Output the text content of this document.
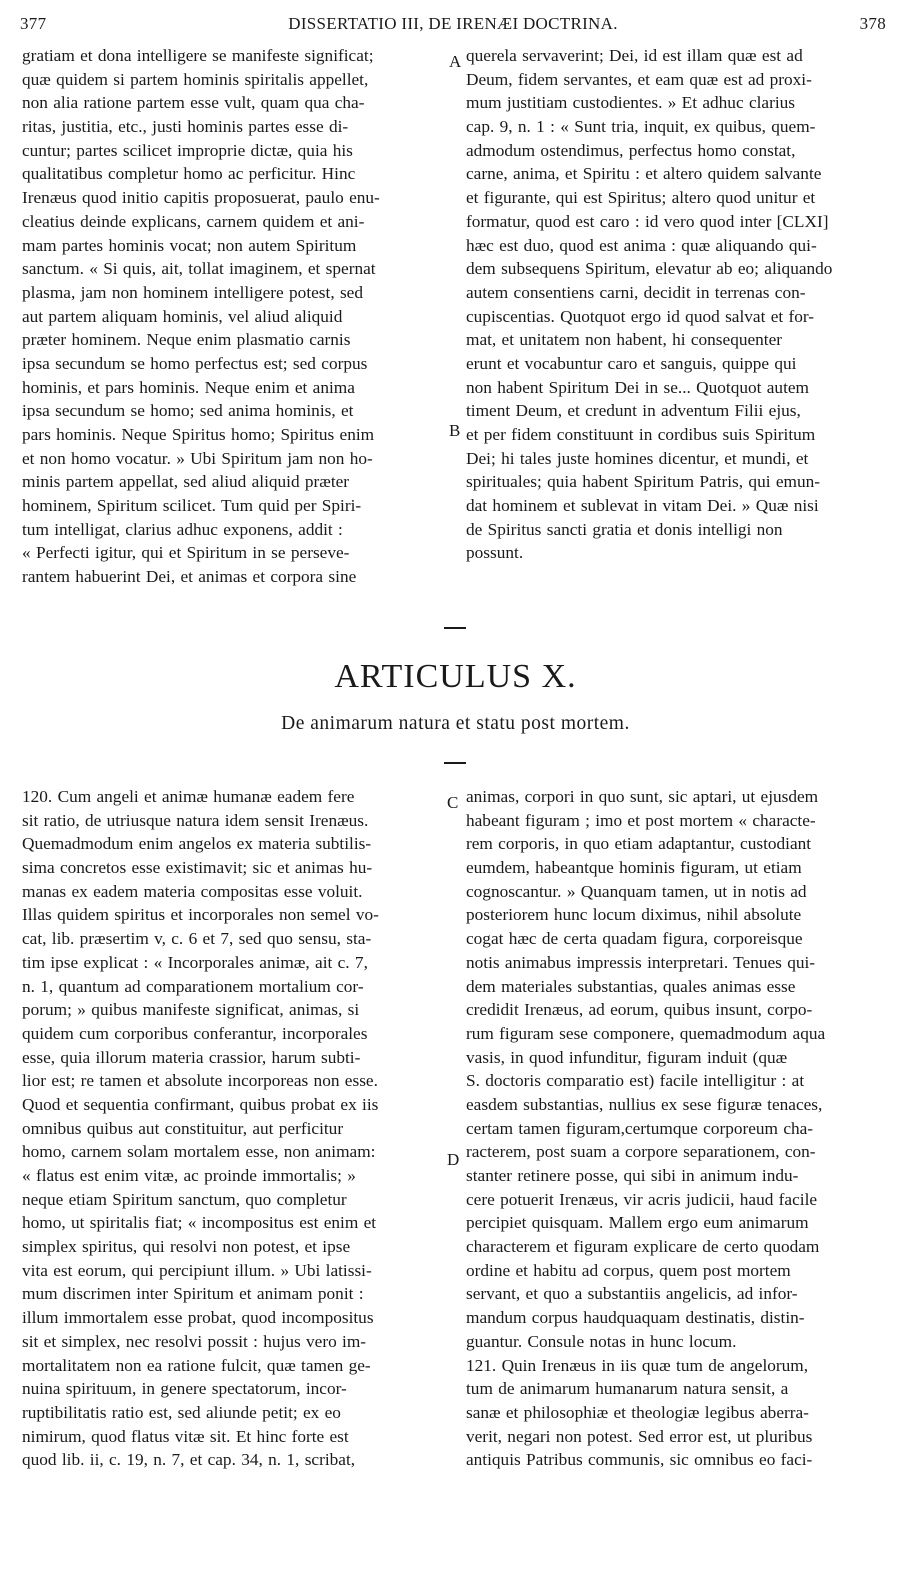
377	DISSERTATIO III, DE IRENÆI DOCTRINA.	378
gratiam et dona intelligere se manifeste significat;
quæ quidem si partem hominis spiritalis appellet,
non alia ratione partem esse vult, quam qua cha-
ritas, justitia, etc., justi hominis partes esse di-
cuntur; partes scilicet improprie dictæ, quia his
qualitatibus completur homo ac perficitur. Hinc
Irenæus quod initio capitis proposuerat, paulo enu-
cleatius deinde explicans, carnem quidem et ani-
mam partes hominis vocat; non autem Spiritum
sanctum. « Si quis, ait, tollat imaginem, et spernat
plasma, jam non hominem intelligere potest, sed
aut partem aliquam hominis, vel aliud aliquid
præter hominem. Neque enim plasmatio carnis
ipsa secundum se homo perfectus est; sed corpus
hominis, et pars hominis. Neque enim et anima
ipsa secundum se homo; sed anima hominis, et
pars hominis. Neque Spiritus homo; Spiritus enim
et non homo vocatur. » Ubi Spiritum jam non ho-
minis partem appellat, sed aliud aliquid præter
hominem, Spiritum scilicet. Tum quid per Spiri-
tum intelligat, clarius adhuc exponens, addit :
« Perfecti igitur, qui et Spiritum in se perseve-
rantem habuerint Dei, et animas et corpora sine
querela servaverint; Dei, id est illam quæ est ad
Deum, fidem servantes, et eam quæ est ad proxi-
mum justitiam custodientes. » Et adhuc clarius
cap. 9, n. 1 : « Sunt tria, inquit, ex quibus, quem-
admodum ostendimus, perfectus homo constat,
carne, anima, et Spiritu : et altero quidem salvante
et figurante, qui est Spiritus; altero quod unitur et
formatur, quod est caro : id vero quod inter [CLXI]
hæc est duo, quod est anima : quæ aliquando qui-
dem subsequens Spiritum, elevatur ab eo; aliquando
autem consentiens carni, decidit in terrenas con-
cupiscentias. Quotquot ergo id quod salvat et for-
mat, et unitatem non habent, hi consequenter
erunt et vocabuntur caro et sanguis, quippe qui
non habent Spiritum Dei in se... Quotquot autem
timent Deum, et credunt in adventum Filii ejus,
et per fidem constituunt in cordibus suis Spiritum
Dei; hi tales juste homines dicentur, et mundi, et
spirituales; quia habent Spiritum Patris, qui emun-
dat hominem et sublevat in vitam Dei. » Quæ nisi
de Spiritus sancti gratia et donis intelligi non
possunt.
A
B
ARTICULUS X.
De animarum natura et statu post mortem.
120. Cum angeli et animæ humanæ eadem fere
sit ratio, de utriusque natura idem sensit Irenæus.
Quemadmodum enim angelos ex materia subtilis-
sima concretos esse existimavit; sic et animas hu-
manas ex eadem materia compositas esse voluit.
Illas quidem spiritus et incorporales non semel vo-
cat, lib. præsertim v, c. 6 et 7, sed quo sensu, sta-
tim ipse explicat : « Incorporales animæ, ait c. 7,
n. 1, quantum ad comparationem mortalium cor-
porum; » quibus manifeste significat, animas, si
quidem cum corporibus conferantur, incorporales
esse, quia illorum materia crassior, harum subti-
lior est; re tamen et absolute incorporeas non esse.
Quod et sequentia confirmant, quibus probat ex iis
omnibus quibus aut constituitur, aut perficitur
homo, carnem solam mortalem esse, non animam:
« flatus est enim vitæ, ac proinde immortalis; »
neque etiam Spiritum sanctum, quo completur
homo, ut spiritalis fiat; « incompositus est enim et
simplex spiritus, qui resolvi non potest, et ipse
vita est eorum, qui percipiunt illum. » Ubi latissi-
mum discrimen inter Spiritum et animam ponit :
illum immortalem esse probat, quod incompositus
sit et simplex, nec resolvi possit : hujus vero im-
mortalitatem non ea ratione fulcit, quæ tamen ge-
nuina spirituum, in genere spectatorum, incor-
ruptibilitatis ratio est, sed aliunde petit; ex eo
nimirum, quod flatus vitæ sit. Et hinc forte est
quod lib. ii, c. 19, n. 7, et cap. 34, n. 1, scribat,
animas, corpori in quo sunt, sic aptari, ut ejusdem
habeant figuram ; imo et post mortem « characte-
rem corporis, in quo etiam adaptantur, custodiant
eumdem, habeantque hominis figuram, ut etiam
cognoscantur. » Quanquam tamen, ut in notis ad
posteriorem hunc locum diximus, nihil absolute
cogat hæc de certa quadam figura, corporeisque
notis animabus impressis interpretari. Tenues qui-
dem materiales substantias, quales animas esse
credidit Irenæus, ad eorum, quibus insunt, corpo-
rum figuram sese componere, quemadmodum aqua
vasis, in quod infunditur, figuram induit (quæ
S. doctoris comparatio est) facile intelligitur : at
easdem substantias, nullius ex sese figuræ tenaces,
certam tamen figuram,certumque corporeum cha-
racterem, post suam a corpore separationem, con-
stanter retinere posse, qui sibi in animum indu-
cere potuerit Irenæus, vir acris judicii, haud facile
percipiet quisquam. Mallem ergo eum animarum
characterem et figuram explicare de certo quodam
ordine et habitu ad corpus, quem post mortem
servant, et quo a substantiis angelicis, ad infor-
mandum corpus haudquaquam destinatis, distin-
guantur. Consule notas in hunc locum.
121. Quin Irenæus in iis quæ tum de angelorum,
tum de animarum humanarum natura sensit, a
sanæ et philosophiæ et theologiæ legibus aberra-
verit, negari non potest. Sed error est, ut pluribus
antiquis Patribus communis, sic omnibus eo faci-
C
D
